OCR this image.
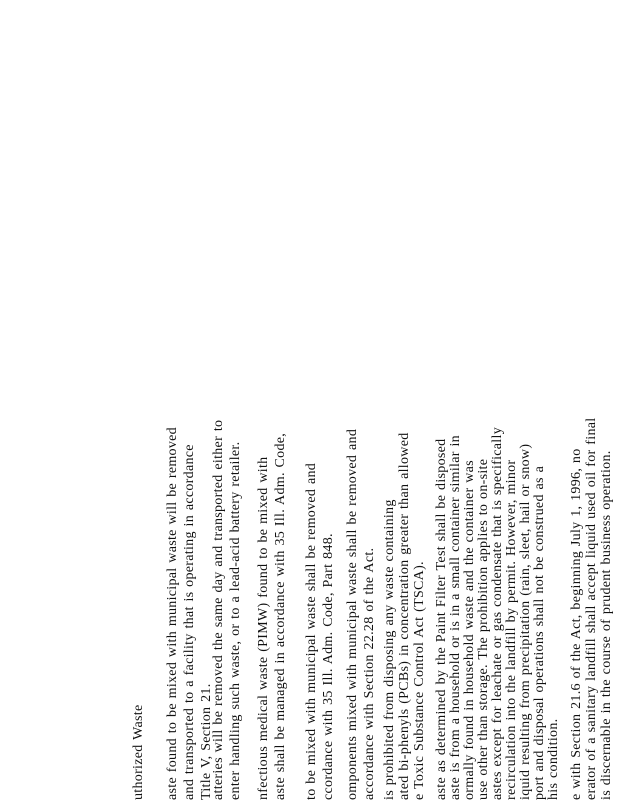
uthorized Waste aste found to be mixed with municipal waste will be removed and transported to a facility that is operating in accordance Title V, Section 21.
atteries will be removed the same day and transported either to enter handling such waste, or to a lead-acid battery retailer. nfectious medical waste (PIMW) found to be mixed with aste shall be managed in accordance with 35 Ill. Adm. Code, to be mixed with municipal waste shall be removed and ccordance with 35 Ill. Adm. Code, Part 848. omponents mixed with municipal waste shall be removed and accordance with Section 22.28 of the Act. is prohibited from disposing any waste containing ated bi-phenyls (PCBs) in concentration greater than allowed e Toxic Substance Control Act (TSCA). aste as determined by the Paint Filter Test shall be disposed aste is from a household or is in a small container similar in ormally found in household waste and the container was use other than storage. The prohibition applies to on-site astes except for leachate or gas condensate that is specifically recirculation into the landfill by permit. However, minor iquid resulting from precipitation (rain, sleet, hail or snow) port and disposal operations shall not be construed as a his condition. e with Section 21.6 of the Act, beginning July 1, 1996, no erator of a sanitary landfill shall accept liquid used oil for final is discernable in the course of prudent business operation.
